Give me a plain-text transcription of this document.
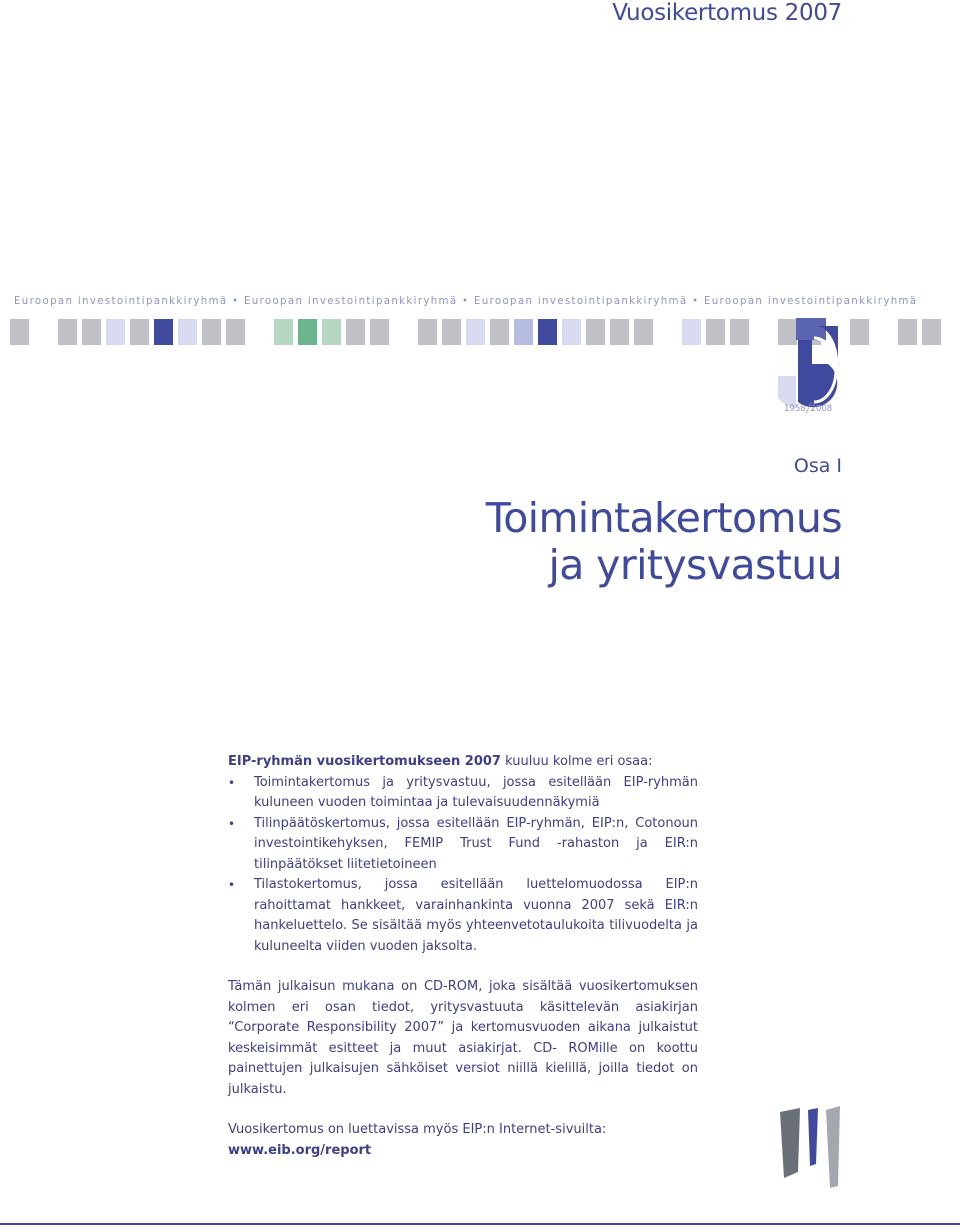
Vuosikertomus 2007
Euroopan investointipankkiryhmä • Euroopan investointipankkiryhmä • Euroopan investointipankkiryhmä • Euroopan investointipankkiryhmä
1958/2008
Osa I
Toimintakertomus
ja yritysvastuu

EIP-ryhmän vuosikertomukseen 2007 kuuluu kolme eri osaa:

• Toimintakertomus ja yritysvastuu, jossa esitellään EIP-ryhmän kuluneen vuoden toimintaa ja tulevaisuudennäkymiä
• Tilinpäätöskertomus, jossa esitellään EIP-ryhmän, EIP:n, Cotonoun investointikehyksen, FEMIP Trust Fund -rahaston ja EIR:n tilinpäätökset liitetietoineen
• Tilastokertomus, jossa esitellään luettelomuodossa EIP:n rahoittamat hankkeet, varainhankinta vuonna 2007 sekä EIR:n hankeluettelo. Se sisältää myös yhteenvetotaulukoita tilivuodelta ja kuluneelta viiden vuoden jaksolta.

Tämän julkaisun mukana on CD-ROM, joka sisältää vuosikertomuksen kolmen eri osan tiedot, yritysvastuuta käsittelevän asiakirjan “Corporate Responsibility 2007” ja kertomusvuoden aikana julkaistut keskeisimmät esitteet ja muut asiakirjat. CD- ROMille on koottu painettujen julkaisujen sähköiset versiot niillä kielillä, joilla tiedot on julkaistu.

Vuosikertomus on luettavissa myös EIP:n Internet-sivuilta:
www.eib.org/report
